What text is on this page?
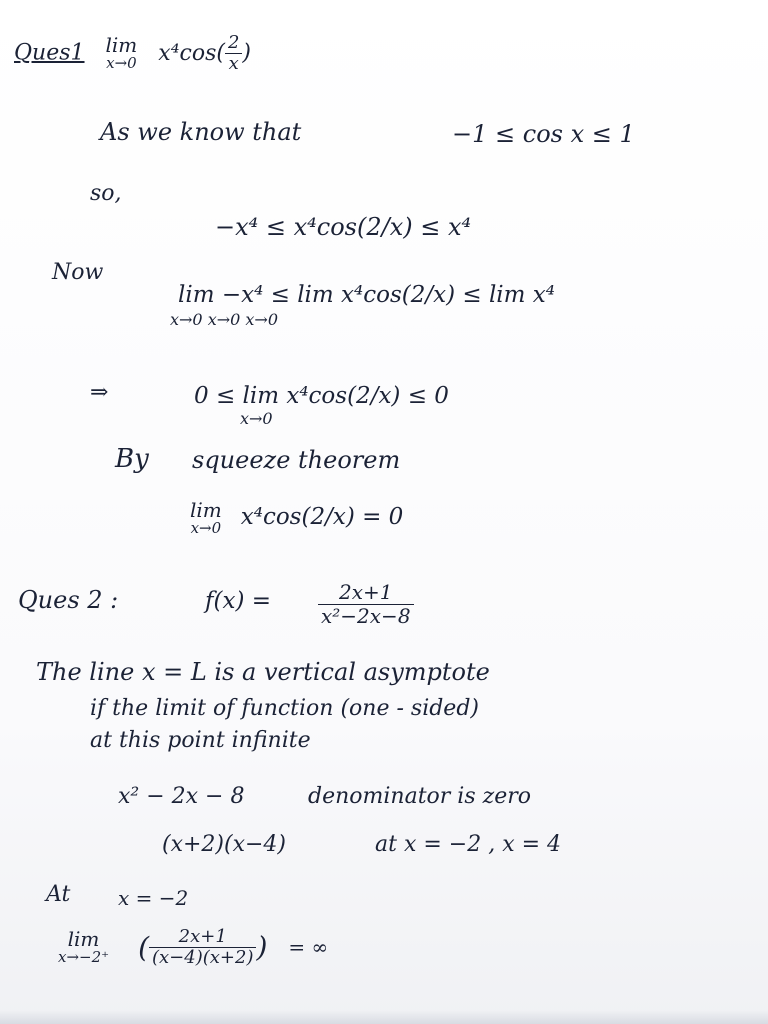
Ques1 lim
x→0 $x^4\cos( \frac{2}{x}$ )
As we know that	−1 ≤ cos x ≤ 1
so,
−x⁴ ≤ x⁴cos(2/x) ≤ x⁴
Now
lim −x⁴ ≤ lim x⁴cos(2/x) ≤ lim x⁴
x→0 x→0 x→0
⇒	0 ≤ lim x⁴cos(2/x) ≤ 0
x→0
By squeeze theorem
lim
x→0 x⁴cos(2/x) = 0
Ques 2 :	$f(x) = \frac{2x+1}{\text{x²−2x−8}}$
The line x = L is a vertical asymptote
if the limit of function (one - sided)
at this point infinite
x² − 2x − 8	denominator is zero
(x+2)(x−4)	at x = −2 , x = 4
At x = −2
lim
x→−2⁺ ( $\frac{2x+1}{(x-4)(x+2)}$ ) = ∞
